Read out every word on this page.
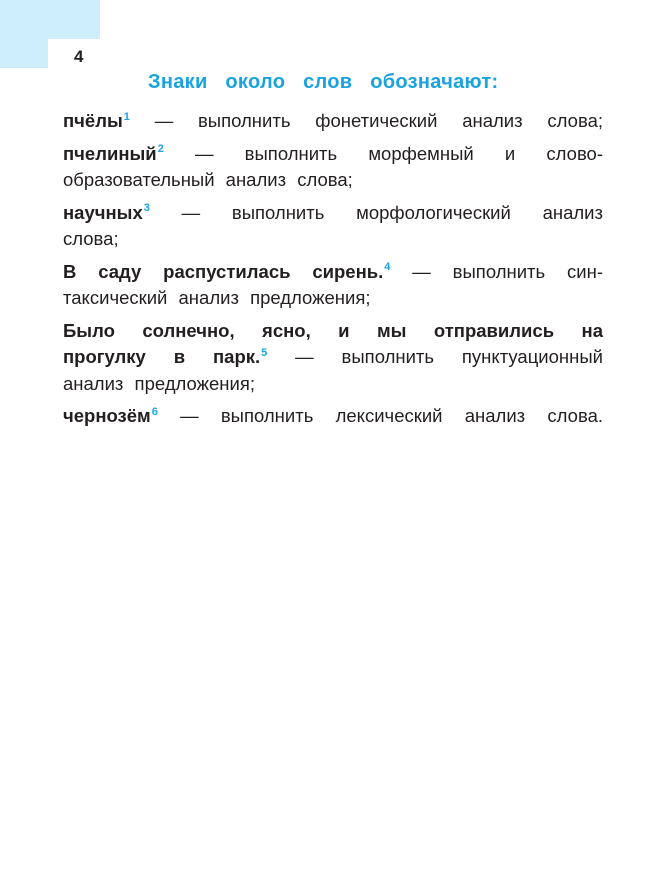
4
Знаки около слов обозначают:
пчёлы$^1$ — выполнить фонетический анализ слова;
пчелиный$^2$ — выполнить морфемный и слово-
образовательный анализ слова;
научных$^3$ — выполнить морфологический анализ
слова;
В саду распустилась сирень.$^4$ — выполнить син-
таксический анализ предложения;
Было солнечно, ясно, и мы отправились на
прогулку в парк.$^5$ — выполнить пунктуационный
анализ предложения;
чернозём$^6$ — выполнить лексический анализ слова.
